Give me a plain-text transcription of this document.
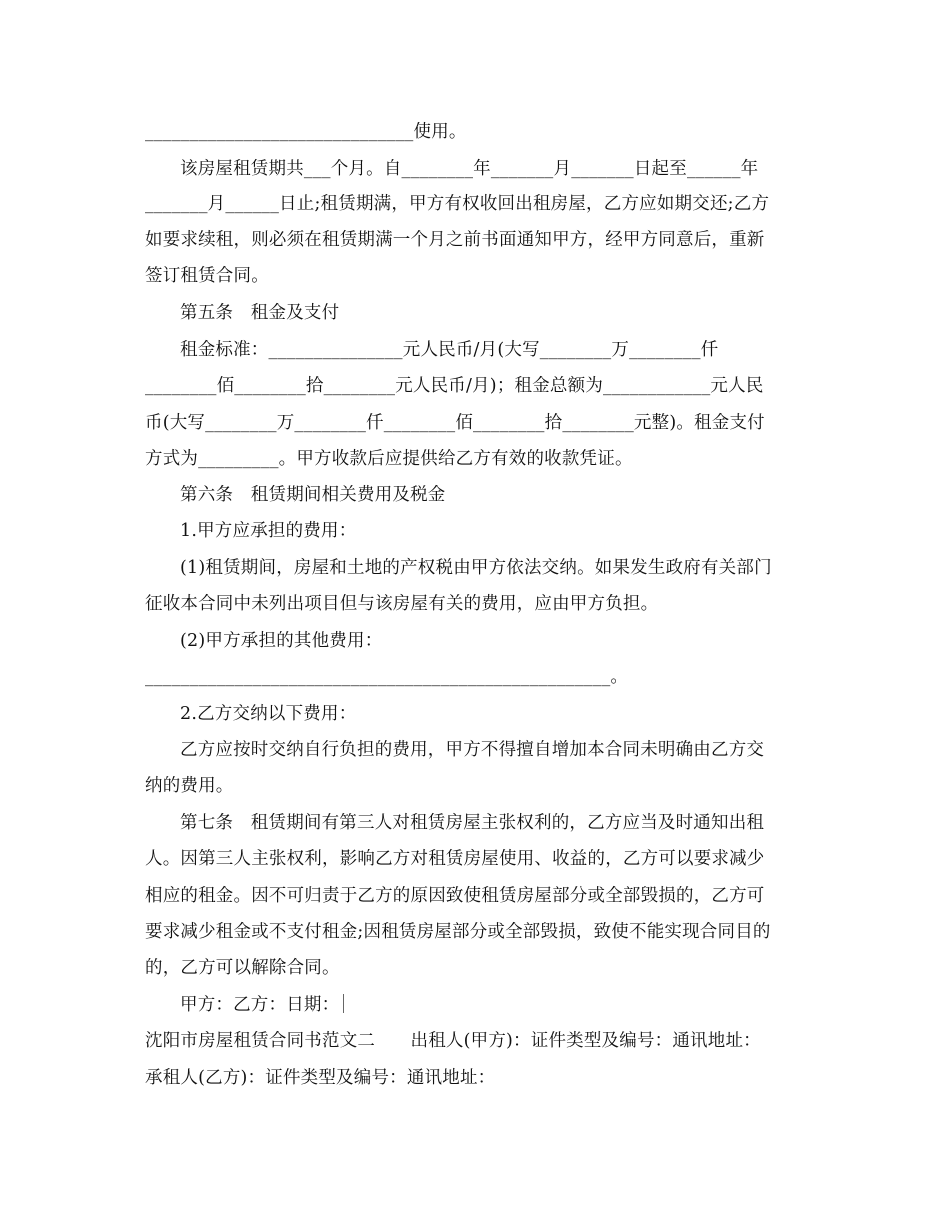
______________________________使用。
该房屋租赁期共___个月。自________年_______月_______日起至______年
_______月______日止;租赁期满，甲方有权收回出租房屋，乙方应如期交还;乙方
如要求续租，则必须在租赁期满一个月之前书面通知甲方，经甲方同意后，重新
签订租赁合同。
第五条　租金及支付
租金标准：_______________元人民币/月(大写________万________仟
________佰________拾________元人民币/月)；租金总额为____________元人民
币(大写________万________仟________佰________拾________元整)。租金支付
方式为_________。甲方收款后应提供给乙方有效的收款凭证。
第六条　租赁期间相关费用及税金
1.甲方应承担的费用：
(1)租赁期间，房屋和土地的产权税由甲方依法交纳。如果发生政府有关部门
征收本合同中未列出项目但与该房屋有关的费用，应由甲方负担。
(2)甲方承担的其他费用：
____________________________________________________。
2.乙方交纳以下费用：
乙方应按时交纳自行负担的费用，甲方不得擅自增加本合同未明确由乙方交
纳的费用。
第七条　租赁期间有第三人对租赁房屋主张权利的，乙方应当及时通知出租
人。因第三人主张权利，影响乙方对租赁房屋使用、收益的，乙方可以要求减少
相应的租金。因不可归责于乙方的原因致使租赁房屋部分或全部毁损的，乙方可
要求减少租金或不支付租金;因租赁房屋部分或全部毁损，致使不能实现合同目的
的，乙方可以解除合同。
甲方：乙方：日期：
沈阳市房屋租赁合同书范文二　　出租人(甲方)：证件类型及编号：通讯地址：
承租人(乙方)：证件类型及编号：通讯地址：
